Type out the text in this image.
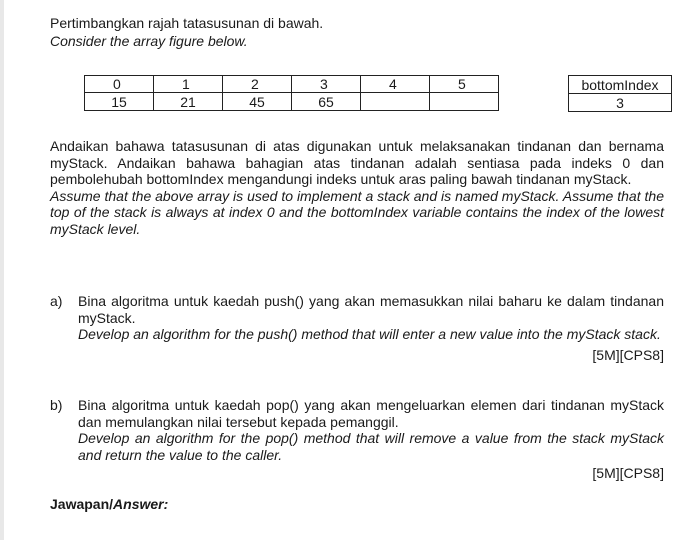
Pertimbangkan rajah tatasusunan di bawah.
Consider the array figure below.
0	1	2	3	4	5
15	21	45	65		
bottomIndex
3
Andaikan bahawa tatasusunan di atas digunakan untuk melaksanakan tindanan dan bernama myStack. Andaikan bahawa bahagian atas tindanan adalah sentiasa pada indeks 0 dan pembolehubah bottomIndex mengandungi indeks untuk aras paling bawah tindanan myStack.
Assume that the above array is used to implement a stack and is named myStack. Assume that the top of the stack is always at index 0 and the bottomIndex variable contains the index of the lowest myStack level.
a) Bina algoritma untuk kaedah push() yang akan memasukkan nilai baharu ke dalam tindanan myStack.
Develop an algorithm for the push() method that will enter a new value into the myStack stack.
[5M][CPS8]
b) Bina algoritma untuk kaedah pop() yang akan mengeluarkan elemen dari tindanan myStack dan memulangkan nilai tersebut kepada pemanggil.
Develop an algorithm for the pop() method that will remove a value from the stack myStack and return the value to the caller.
[5M][CPS8]
Jawapan/Answer:
